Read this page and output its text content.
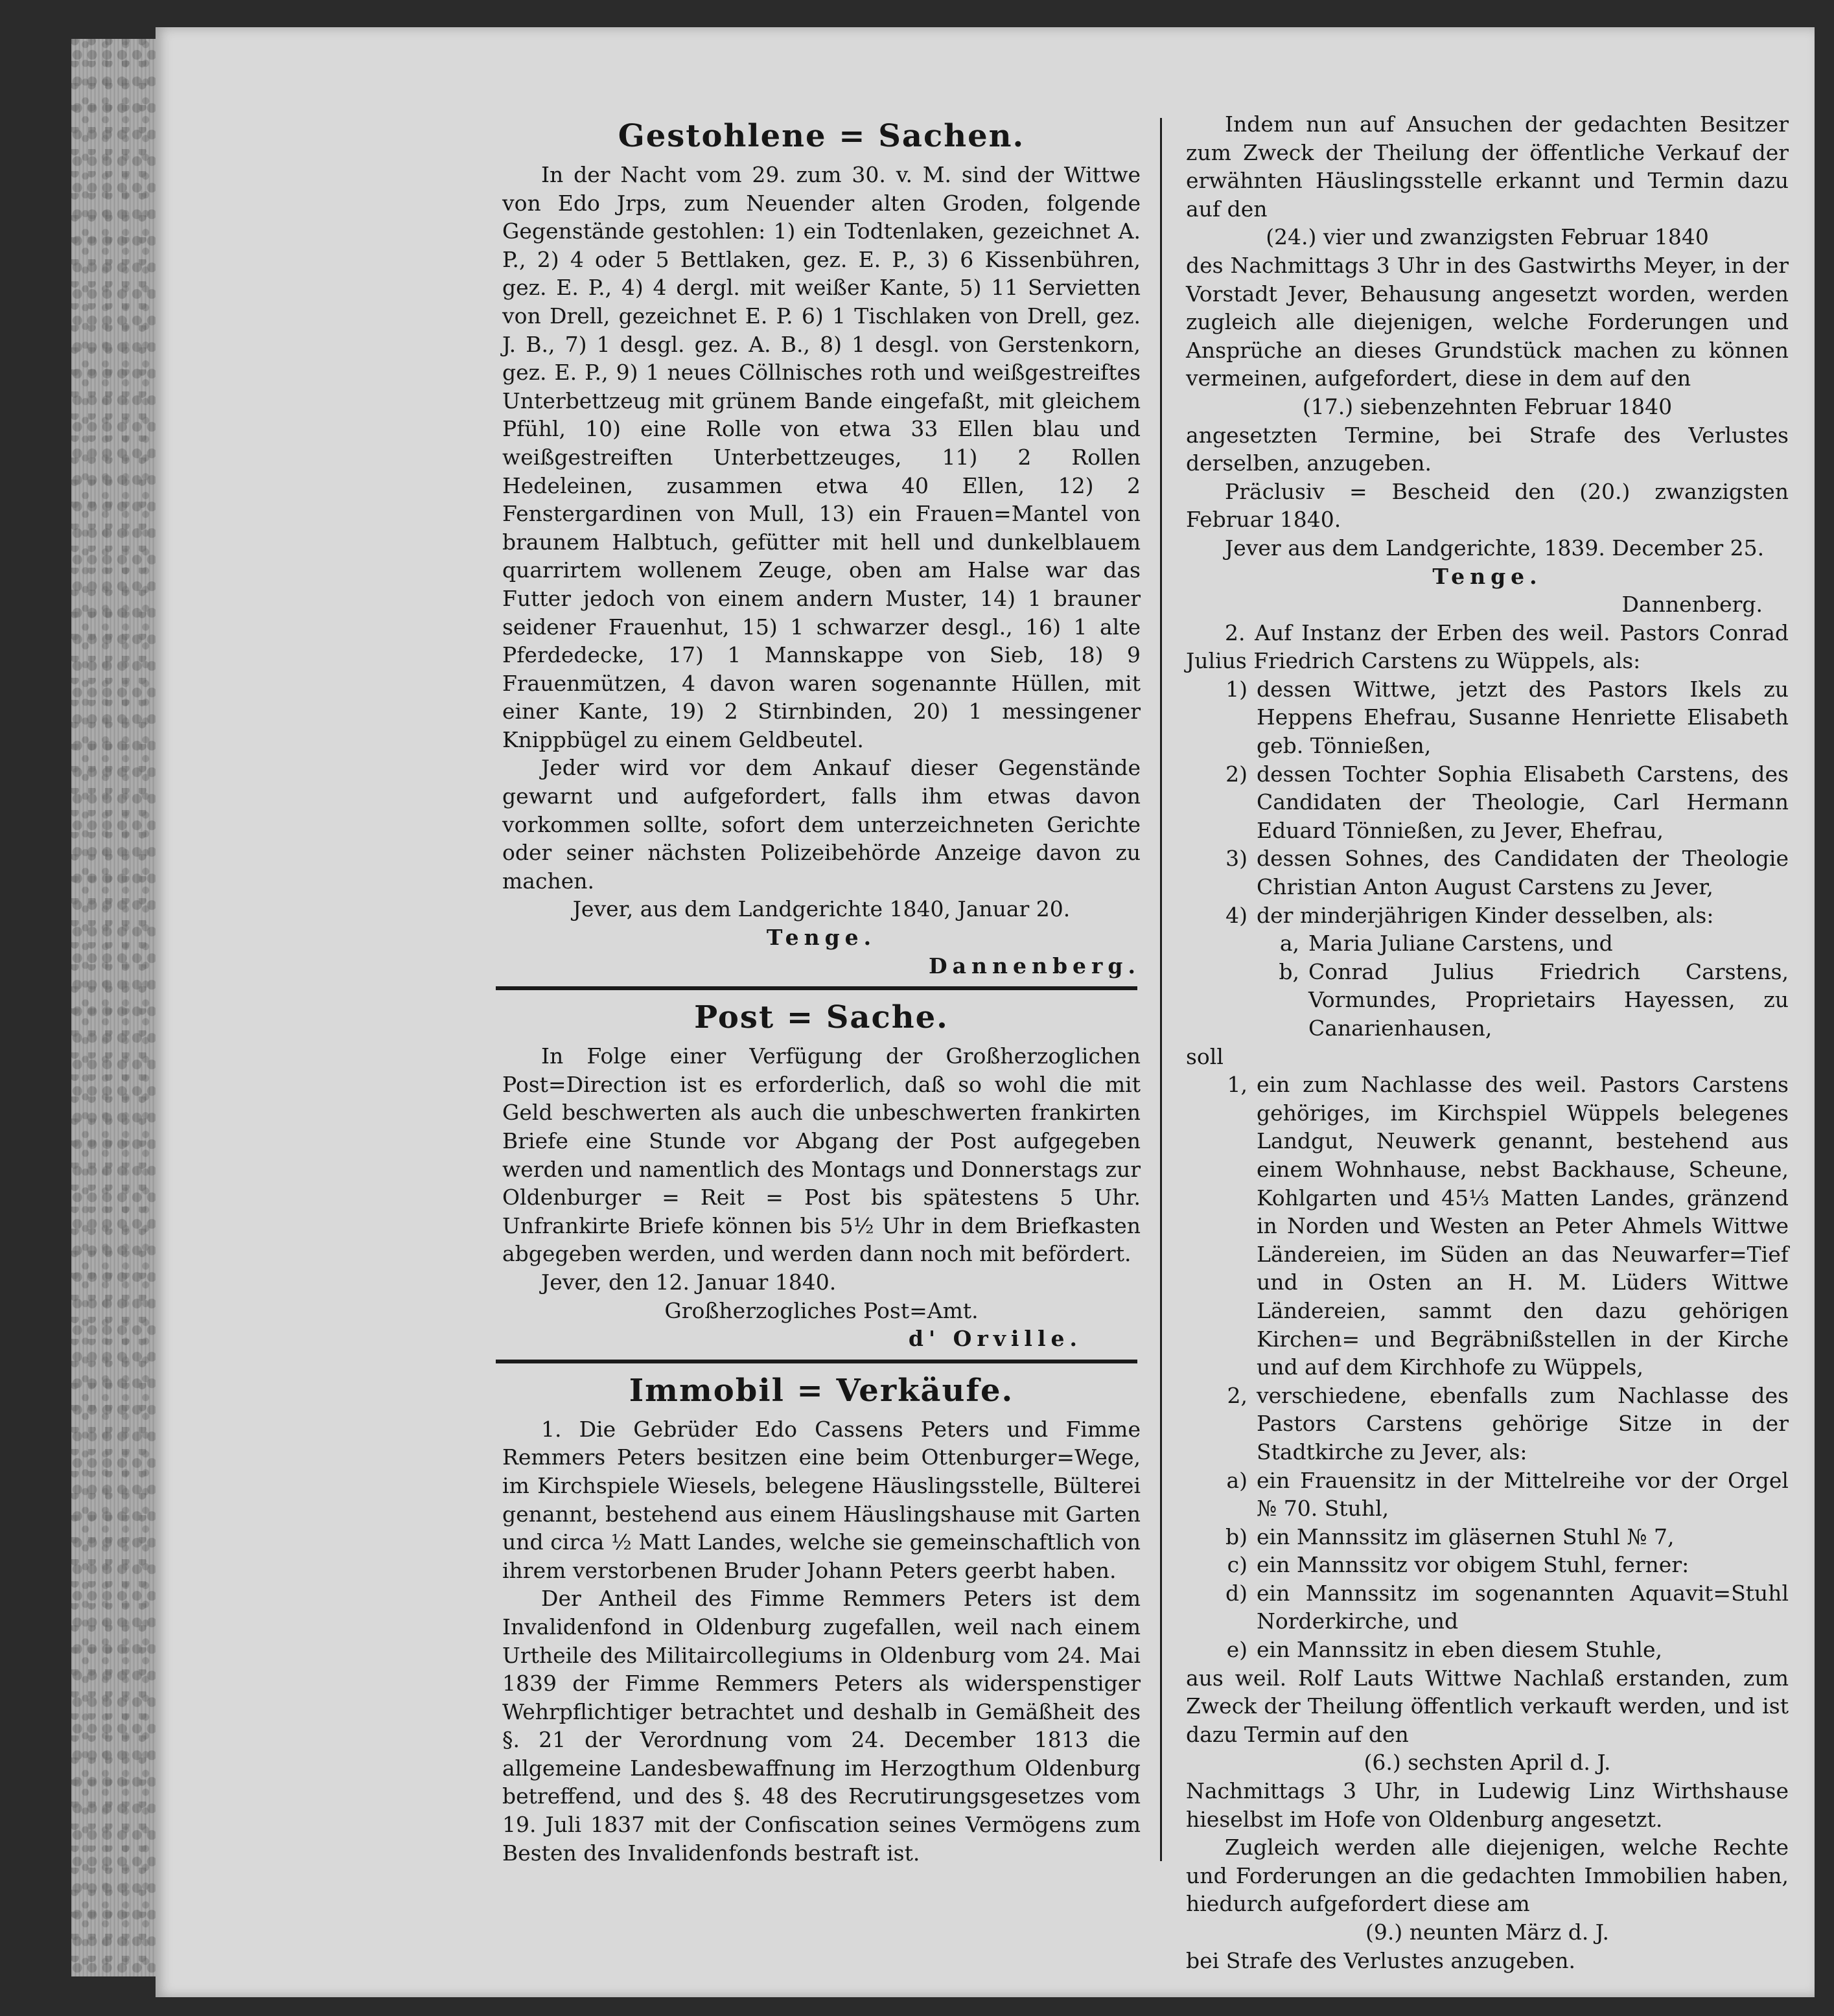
Gestohlene = Sachen.

In der Nacht vom 29. zum 30. v. M. sind der Wittwe von Edo Jrps, zum Neuender alten Groden, folgende Gegenstände gestohlen: 1) ein Todtenlaken, gezeichnet A. P., 2) 4 oder 5 Bettlaken, gez. E. P., 3) 6 Kissenbühren, gez. E. P., 4) 4 dergl. mit weißer Kante, 5) 11 Servietten von Drell, gezeichnet E. P. 6) 1 Tischlaken von Drell, gez. J. B., 7) 1 desgl. gez. A. B., 8) 1 desgl. von Gerstenkorn, gez. E. P., 9) 1 neues Cöllnisches roth und weißgestreiftes Unterbettzeug mit grünem Bande eingefaßt, mit gleichem Pfühl, 10) eine Rolle von etwa 33 Ellen blau und weißgestreiften Unterbettzeuges, 11) 2 Rollen Hedeleinen, zusammen etwa 40 Ellen, 12) 2 Fenstergardinen von Mull, 13) ein Frauen=Mantel von braunem Halbtuch, gefütter mit hell und dunkelblauem quarrirtem wollenem Zeuge, oben am Halse war das Futter jedoch von einem andern Muster, 14) 1 brauner seidener Frauenhut, 15) 1 schwarzer desgl., 16) 1 alte Pferdedecke, 17) 1 Mannskappe von Sieb, 18) 9 Frauenmützen, 4 davon waren sogenannte Hüllen, mit einer Kante, 19) 2 Stirnbinden, 20) 1 messingener Knippbügel zu einem Geldbeutel.

Jeder wird vor dem Ankauf dieser Gegenstände gewarnt und aufgefordert, falls ihm etwas davon vorkommen sollte, sofort dem unterzeichneten Gerichte oder seiner nächsten Polizeibehörde Anzeige davon zu machen.

Jever, aus dem Landgerichte 1840, Januar 20.

Tenge.

Dannenberg.

Post = Sache.

In Folge einer Verfügung der Großherzoglichen Post=Direction ist es erforderlich, daß so wohl die mit Geld beschwerten als auch die unbeschwerten frankirten Briefe eine Stunde vor Abgang der Post aufgegeben werden und namentlich des Montags und Donnerstags zur Oldenburger = Reit = Post bis spätestens 5 Uhr. Unfrankirte Briefe können bis 5½ Uhr in dem Briefkasten abgegeben werden, und werden dann noch mit befördert.

Jever, den 12. Januar 1840.

Großherzogliches Post=Amt.

d' Orville.

Immobil = Verkäufe.

1. Die Gebrüder Edo Cassens Peters und Fimme Remmers Peters besitzen eine beim Ottenburger=Wege, im Kirchspiele Wiesels, belegene Häuslingsstelle, Bülterei genannt, bestehend aus einem Häuslingshause mit Garten und circa ½ Matt Landes, welche sie gemeinschaftlich von ihrem verstorbenen Bruder Johann Peters geerbt haben.

Der Antheil des Fimme Remmers Peters ist dem Invalidenfond in Oldenburg zugefallen, weil nach einem Urtheile des Militaircollegiums in Oldenburg vom 24. Mai 1839 der Fimme Remmers Peters als widerspenstiger Wehrpflichtiger betrachtet und deshalb in Gemäßheit des §. 21 der Verordnung vom 24. December 1813 die allgemeine Landesbewaffnung im Herzogthum Oldenburg betreffend, und des §. 48 des Recrutirungsgesetzes vom 19. Juli 1837 mit der Confiscation seines Vermögens zum Besten des Invalidenfonds bestraft ist.

Indem nun auf Ansuchen der gedachten Besitzer zum Zweck der Theilung der öffentliche Verkauf der erwähnten Häuslingsstelle erkannt und Termin dazu auf den

(24.) vier und zwanzigsten Februar 1840

des Nachmittags 3 Uhr in des Gastwirths Meyer, in der Vorstadt Jever, Behausung angesetzt worden, werden zugleich alle diejenigen, welche Forderungen und Ansprüche an dieses Grundstück machen zu können vermeinen, aufgefordert, diese in dem auf den

(17.) siebenzehnten Februar 1840

angesetzten Termine, bei Strafe des Verlustes derselben, anzugeben.

Präclusiv = Bescheid den (20.) zwanzigsten Februar 1840.

Jever aus dem Landgerichte, 1839. December 25.

Tenge.

Dannenberg.

2. Auf Instanz der Erben des weil. Pastors Conrad Julius Friedrich Carstens zu Wüppels, als:

1) dessen Wittwe, jetzt des Pastors Ikels zu Heppens Ehefrau, Susanne Henriette Elisabeth geb. Tönnießen,
2) dessen Tochter Sophia Elisabeth Carstens, des Candidaten der Theologie, Carl Hermann Eduard Tönnießen, zu Jever, Ehefrau,
3) dessen Sohnes, des Candidaten der Theologie Christian Anton August Carstens zu Jever,
4) der minderjährigen Kinder desselben, als:
a, Maria Juliane Carstens, und
b, Conrad Julius Friedrich Carstens, Vormundes, Proprietairs Hayessen, zu Canarienhausen,

soll

1, ein zum Nachlasse des weil. Pastors Carstens gehöriges, im Kirchspiel Wüppels belegenes Landgut, Neuwerk genannt, bestehend aus einem Wohnhause, nebst Backhause, Scheune, Kohlgarten und 45⅓ Matten Landes, gränzend in Norden und Westen an Peter Ahmels Wittwe Ländereien, im Süden an das Neuwarfer=Tief und in Osten an H. M. Lüders Wittwe Ländereien, sammt den dazu gehörigen Kirchen= und Begräbnißstellen in der Kirche und auf dem Kirchhofe zu Wüppels,
2, verschiedene, ebenfalls zum Nachlasse des Pastors Carstens gehörige Sitze in der Stadtkirche zu Jever, als:
a) ein Frauensitz in der Mittelreihe vor der Orgel № 70. Stuhl,
b) ein Mannssitz im gläsernen Stuhl № 7,
c) ein Mannssitz vor obigem Stuhl, ferner:
d) ein Mannssitz im sogenannten Aquavit=Stuhl Norderkirche, und
e) ein Mannssitz in eben diesem Stuhle,

aus weil. Rolf Lauts Wittwe Nachlaß erstanden, zum Zweck der Theilung öffentlich verkauft werden, und ist dazu Termin auf den

(6.) sechsten April d. J.

Nachmittags 3 Uhr, in Ludewig Linz Wirthshause hieselbst im Hofe von Oldenburg angesetzt.

Zugleich werden alle diejenigen, welche Rechte und Forderungen an die gedachten Immobilien haben, hiedurch aufgefordert diese am

(9.) neunten März d. J.

bei Strafe des Verlustes anzugeben.
